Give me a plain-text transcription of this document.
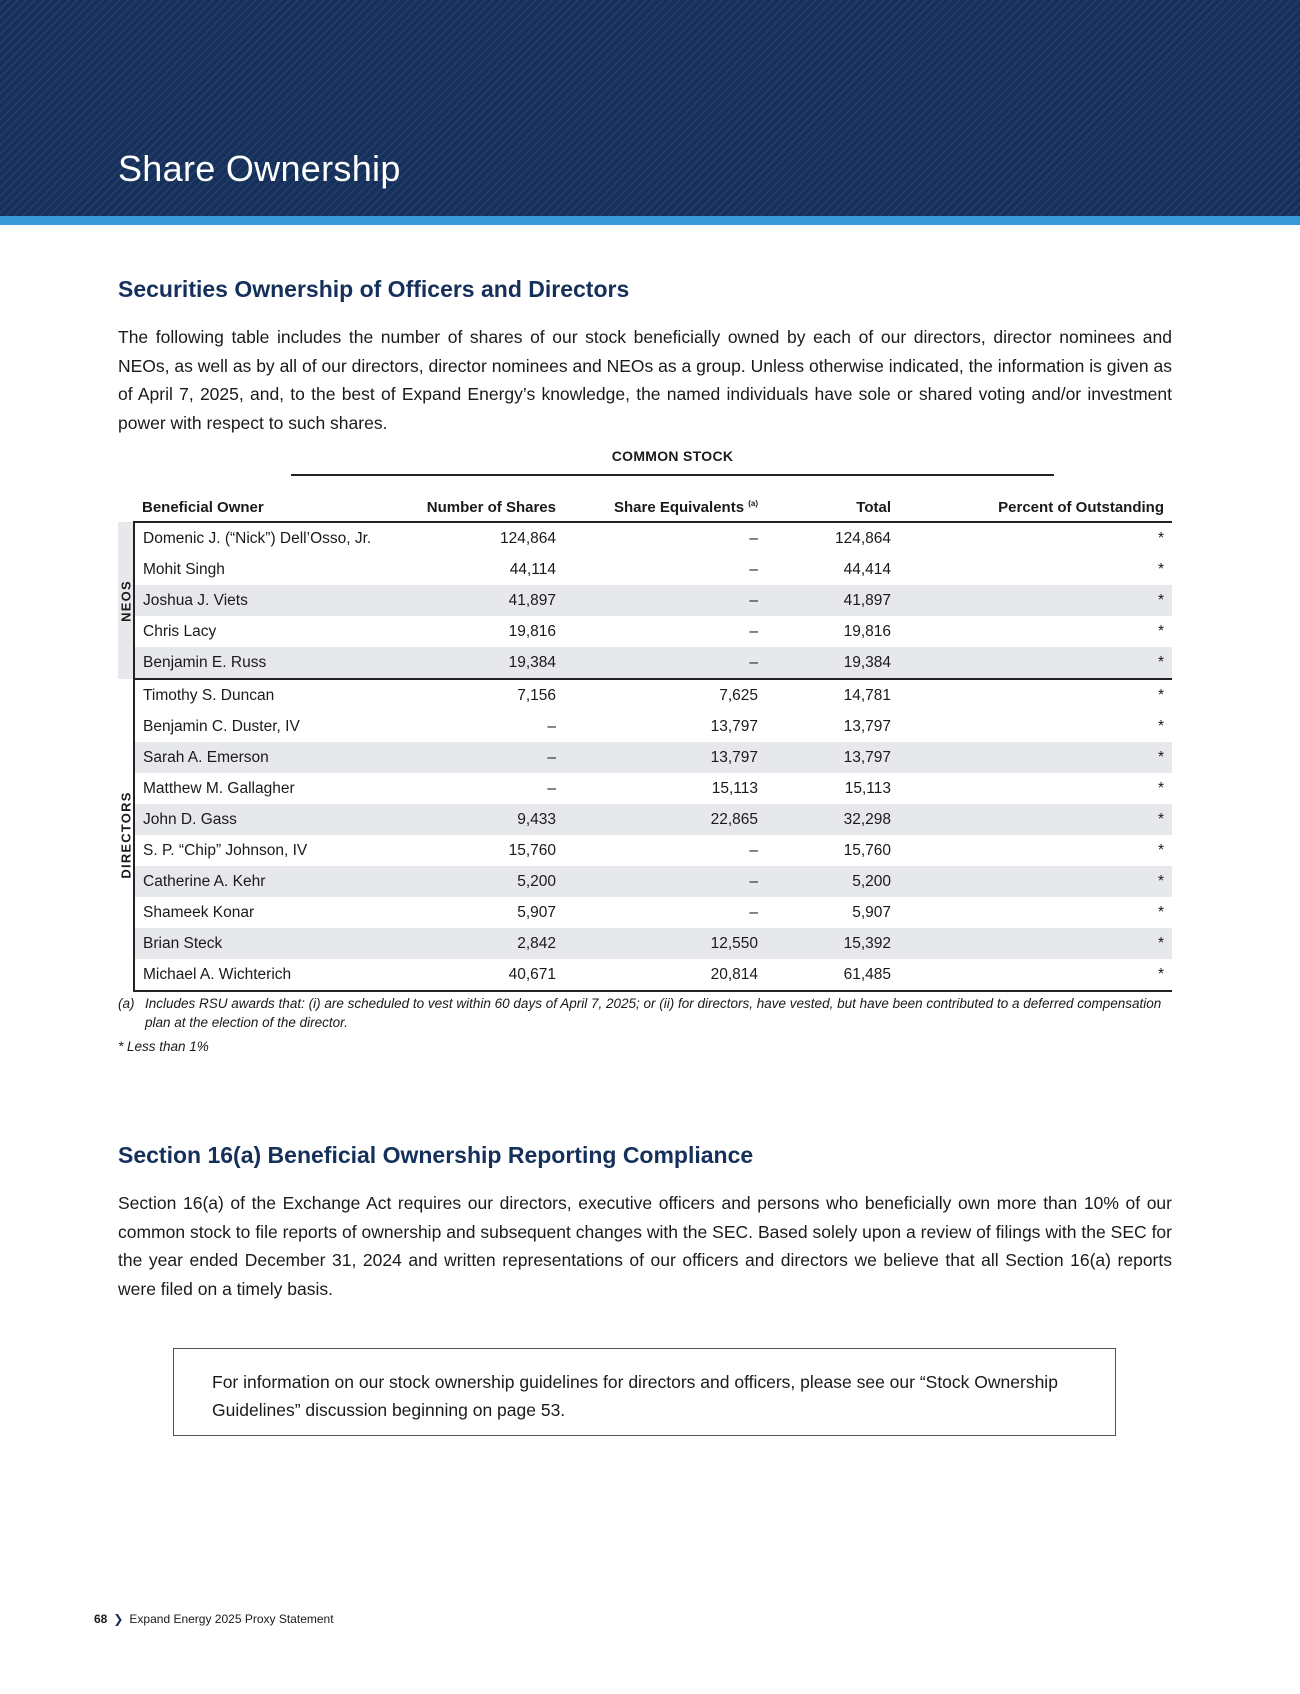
Share Ownership
Securities Ownership of Officers and Directors
The following table includes the number of shares of our stock beneficially owned by each of our directors, director nominees and NEOs, as well as by all of our directors, director nominees and NEOs as a group. Unless otherwise indicated, the information is given as of April 7, 2025, and, to the best of Expand Energy’s knowledge, the named individuals have sole or shared voting and/or investment power with respect to such shares.
COMMON STOCK
	Beneficial Owner	Number of Shares	Share Equivalents $^{(a)}$	Total	Percent of Outstanding

NEOS	Domenic J. (“Nick”) Dell’Osso, Jr.	124,864	–	124,864	*
	Mohit Singh	44,114	–	44,414	*
	Joshua J. Viets	41,897	–	41,897	*
	Chris Lacy	19,816	–	19,816	*
	Benjamin E. Russ	19,384	–	19,384	*

DIRECTORS	Timothy S. Duncan	7,156	7,625	14,781	*
	Benjamin C. Duster, IV	–	13,797	13,797	*
	Sarah A. Emerson	–	13,797	13,797	*
	Matthew M. Gallagher	–	15,113	15,113	*
	John D. Gass	9,433	22,865	32,298	*
	S. P. “Chip” Johnson, IV	15,760	–	15,760	*
	Catherine A. Kehr	5,200	–	5,200	*
	Shameek Konar	5,907	–	5,907	*
	Brian Steck	2,842	12,550	15,392	*
	Michael A. Wichterich	40,671	20,814	61,485	*
(a) Includes RSU awards that: (i) are scheduled to vest within 60 days of April 7, 2025; or (ii) for directors, have vested, but have been contributed to a deferred compensation plan at the election of the director.
* Less than 1%
Section 16(a) Beneficial Ownership Reporting Compliance
Section 16(a) of the Exchange Act requires our directors, executive officers and persons who beneficially own more than 10% of our common stock to file reports of ownership and subsequent changes with the SEC. Based solely upon a review of filings with the SEC for the year ended December 31, 2024 and written representations of our officers and directors we believe that all Section 16(a) reports were filed on a timely basis.
For information on our stock ownership guidelines for directors and officers, please see our “Stock Ownership Guidelines” discussion beginning on page 53.
68 ❯ Expand Energy 2025 Proxy Statement
